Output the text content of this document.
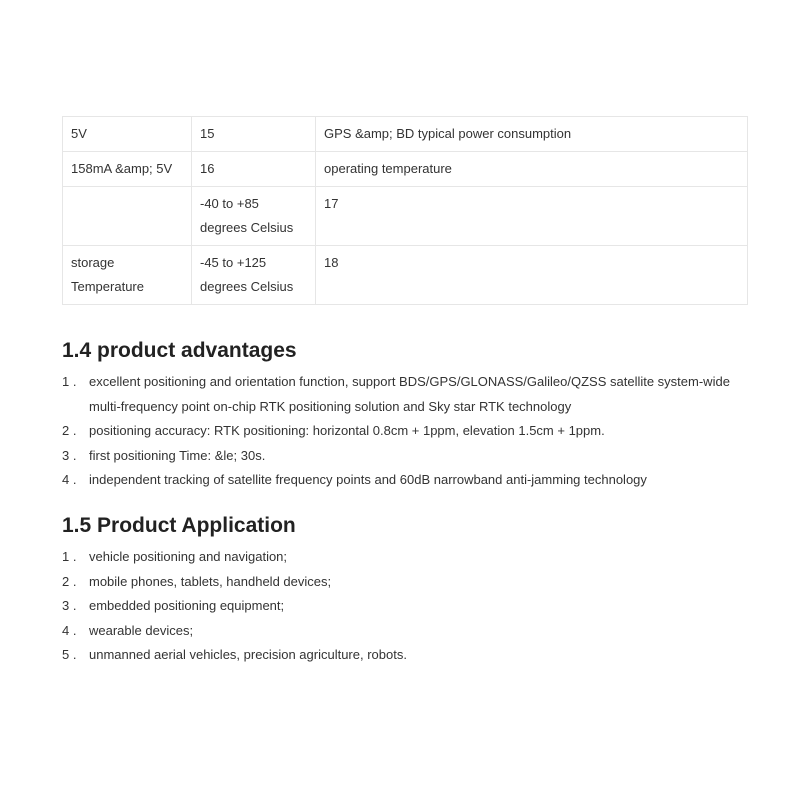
5V	15	GPS &amp; BD typical power consumption
158mA &amp; 5V	16	operating temperature
	-40 to +85 degrees Celsius	17
storage Temperature	-45 to +125 degrees Celsius	18
1.4 product advantages
1 . excellent positioning and orientation function, support BDS/GPS/GLONASS/Galileo/QZSS satellite system-wide multi-frequency point on-chip RTK positioning solution and Sky star RTK technology
2 . positioning accuracy: RTK positioning: horizontal 0.8cm + 1ppm, elevation 1.5cm + 1ppm.
3 . first positioning Time: &le; 30s.
4 . independent tracking of satellite frequency points and 60dB narrowband anti-jamming technology
1.5 Product Application
1 . vehicle positioning and navigation;
2 . mobile phones, tablets, handheld devices;
3 . embedded positioning equipment;
4 . wearable devices;
5 . unmanned aerial vehicles, precision agriculture, robots.
